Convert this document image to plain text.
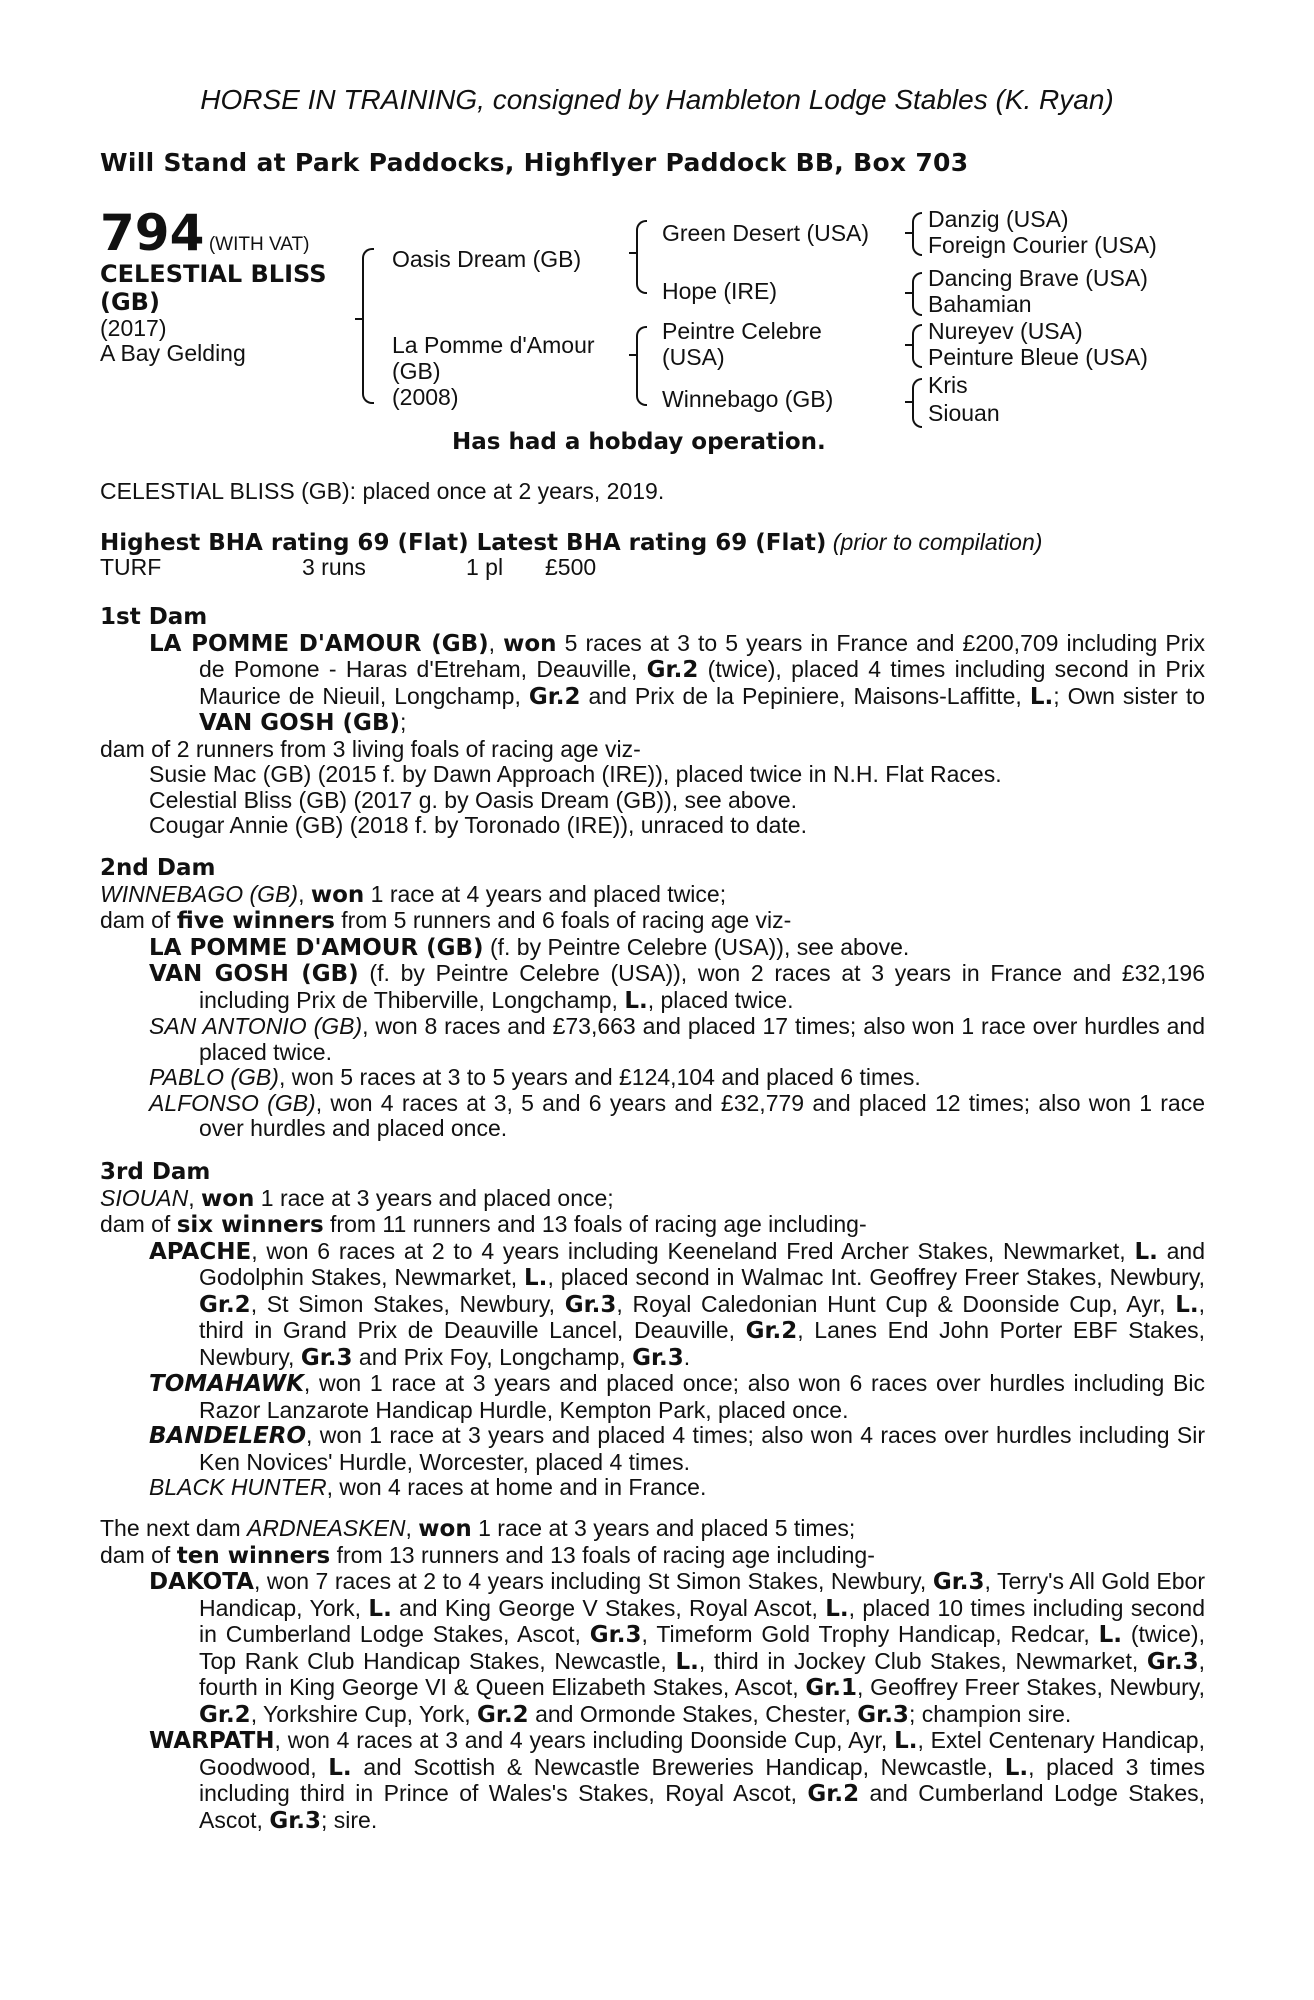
HORSE IN TRAINING, consigned by Hambleton Lodge Stables (K. Ryan)
Will Stand at Park Paddocks, Highflyer Paddock BB, Box 703
794 (WITH VAT)
CELESTIAL BLISS
(GB)
(2017)
A Bay Gelding
Oasis Dream (GB)
La Pomme d'Amour
(GB)
(2008)
Green Desert (USA)
Hope (IRE)
Peintre Celebre
(USA)
Winnebago (GB)
Danzig (USA)
Foreign Courier (USA)
Dancing Brave (USA)
Bahamian
Nureyev (USA)
Peinture Bleue (USA)
Kris
Siouan
Has had a hobday operation.
CELESTIAL BLISS (GB): placed once at 2 years, 2019.
Highest BHA rating 69 (Flat) Latest BHA rating 69 (Flat) (prior to compilation)
TURF	3 runs	1 pl £500
1st Dam
LA POMME D'AMOUR (GB), won 5 races at 3 to 5 years in France and £200,709 including Prix de Pomone - Haras d'Etreham, Deauville, Gr.2 (twice), placed 4 times including second in Prix Maurice de Nieuil, Longchamp, Gr.2 and Prix de la Pepiniere, Maisons-Laffitte, L.; Own sister to VAN GOSH (GB);
dam of 2 runners from 3 living foals of racing age viz-
Susie Mac (GB) (2015 f. by Dawn Approach (IRE)), placed twice in N.H. Flat Races.
Celestial Bliss (GB) (2017 g. by Oasis Dream (GB)), see above.
Cougar Annie (GB) (2018 f. by Toronado (IRE)), unraced to date.
2nd Dam
WINNEBAGO (GB), won 1 race at 4 years and placed twice;
dam of five winners from 5 runners and 6 foals of racing age viz-
LA POMME D'AMOUR (GB) (f. by Peintre Celebre (USA)), see above.
VAN GOSH (GB) (f. by Peintre Celebre (USA)), won 2 races at 3 years in France and £32,196 including Prix de Thiberville, Longchamp, L., placed twice.
SAN ANTONIO (GB), won 8 races and £73,663 and placed 17 times; also won 1 race over hurdles and placed twice.
PABLO (GB), won 5 races at 3 to 5 years and £124,104 and placed 6 times.
ALFONSO (GB), won 4 races at 3, 5 and 6 years and £32,779 and placed 12 times; also won 1 race over hurdles and placed once.
3rd Dam
SIOUAN, won 1 race at 3 years and placed once;
dam of six winners from 11 runners and 13 foals of racing age including-
APACHE, won 6 races at 2 to 4 years including Keeneland Fred Archer Stakes, Newmarket, L. and Godolphin Stakes, Newmarket, L., placed second in Walmac Int. Geoffrey Freer Stakes, Newbury, Gr.2, St Simon Stakes, Newbury, Gr.3, Royal Caledonian Hunt Cup & Doonside Cup, Ayr, L., third in Grand Prix de Deauville Lancel, Deauville, Gr.2, Lanes End John Porter EBF Stakes, Newbury, Gr.3 and Prix Foy, Longchamp, Gr.3.
TOMAHAWK, won 1 race at 3 years and placed once; also won 6 races over hurdles including Bic Razor Lanzarote Handicap Hurdle, Kempton Park, placed once.
BANDELERO, won 1 race at 3 years and placed 4 times; also won 4 races over hurdles including Sir Ken Novices' Hurdle, Worcester, placed 4 times.
BLACK HUNTER, won 4 races at home and in France.
The next dam ARDNEASKEN, won 1 race at 3 years and placed 5 times;
dam of ten winners from 13 runners and 13 foals of racing age including-
DAKOTA, won 7 races at 2 to 4 years including St Simon Stakes, Newbury, Gr.3, Terry's All Gold Ebor Handicap, York, L. and King George V Stakes, Royal Ascot, L., placed 10 times including second in Cumberland Lodge Stakes, Ascot, Gr.3, Timeform Gold Trophy Handicap, Redcar, L. (twice), Top Rank Club Handicap Stakes, Newcastle, L., third in Jockey Club Stakes, Newmarket, Gr.3, fourth in King George VI & Queen Elizabeth Stakes, Ascot, Gr.1, Geoffrey Freer Stakes, Newbury, Gr.2, Yorkshire Cup, York, Gr.2 and Ormonde Stakes, Chester, Gr.3; champion sire.
WARPATH, won 4 races at 3 and 4 years including Doonside Cup, Ayr, L., Extel Centenary Handicap, Goodwood, L. and Scottish & Newcastle Breweries Handicap, Newcastle, L., placed 3 times including third in Prince of Wales's Stakes, Royal Ascot, Gr.2 and Cumberland Lodge Stakes, Ascot, Gr.3; sire.
